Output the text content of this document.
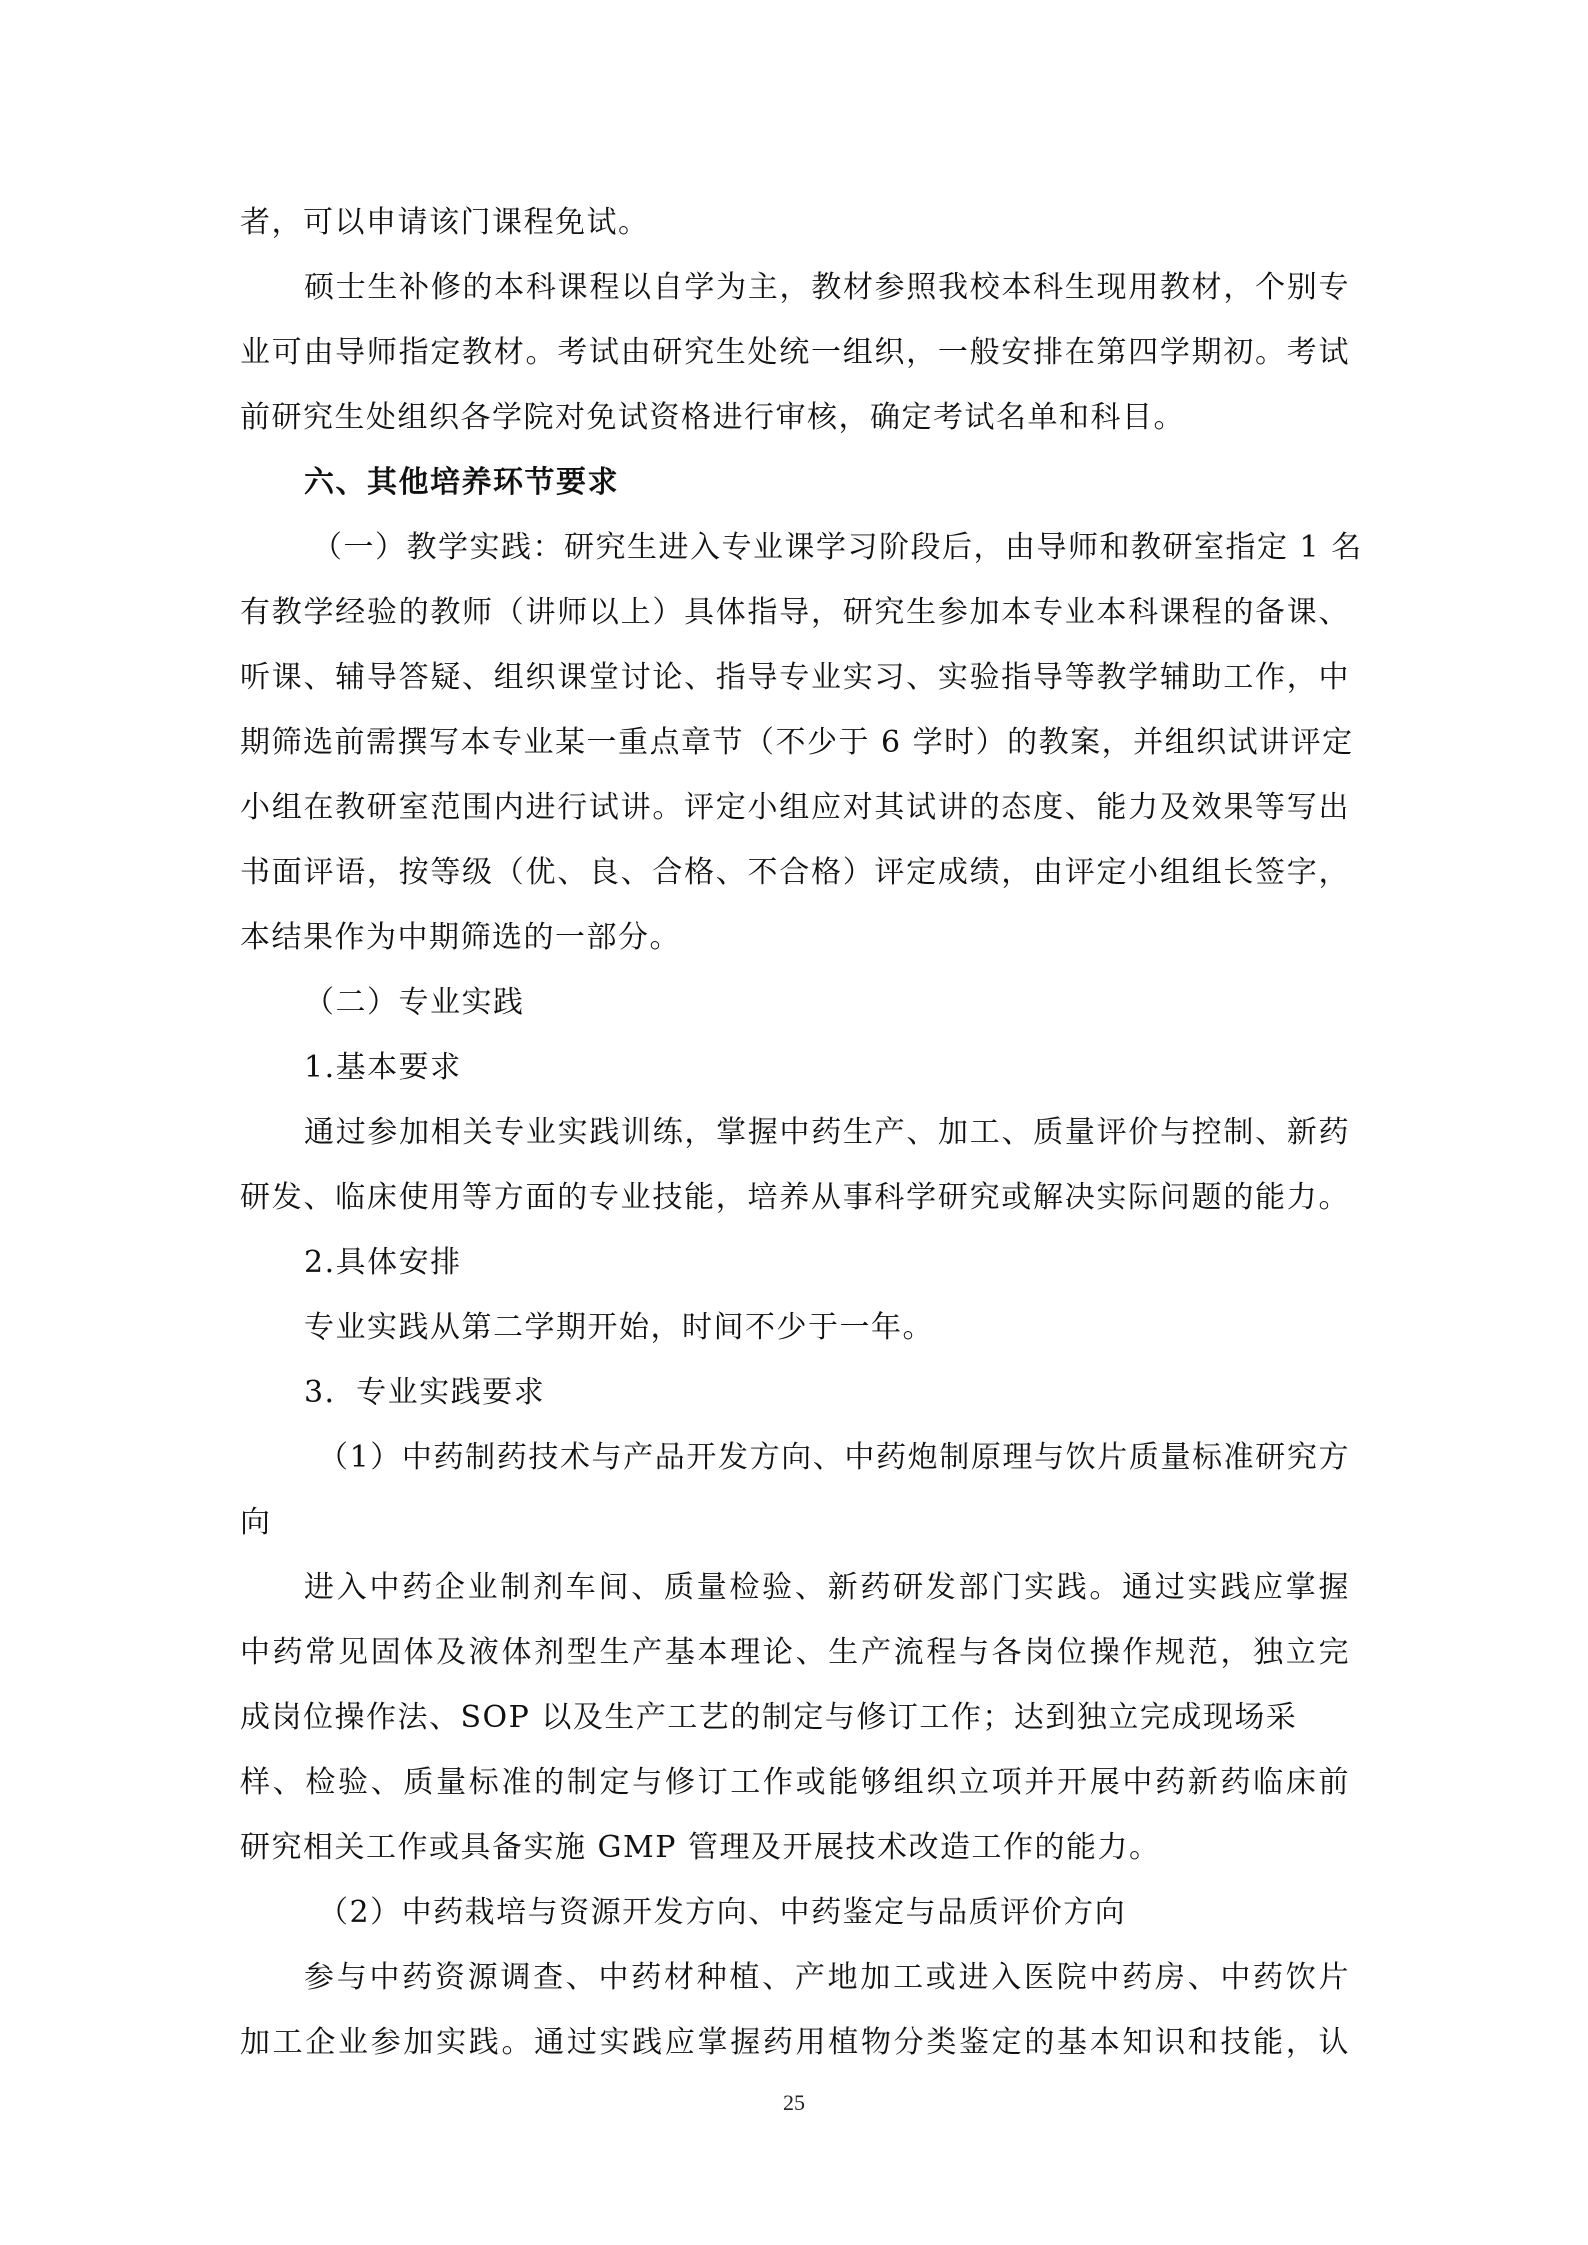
者，可以申请该门课程免试。
硕士生补修的本科课程以自学为主，教材参照我校本科生现用教材，个别专
业可由导师指定教材。考试由研究生处统一组织，一般安排在第四学期初。考试
前研究生处组织各学院对免试资格进行审核，确定考试名单和科目。
六、其他培养环节要求
（一）教学实践：研究生进入专业课学习阶段后，由导师和教研室指定 1 名
有教学经验的教师（讲师以上）具体指导，研究生参加本专业本科课程的备课、
听课、辅导答疑、组织课堂讨论、指导专业实习、实验指导等教学辅助工作，中
期筛选前需撰写本专业某一重点章节（不少于 6 学时）的教案，并组织试讲评定
小组在教研室范围内进行试讲。评定小组应对其试讲的态度、能力及效果等写出
书面评语，按等级（优、良、合格、不合格）评定成绩，由评定小组组长签字，
本结果作为中期筛选的一部分。
（二）专业实践
1.基本要求
通过参加相关专业实践训练，掌握中药生产、加工、质量评价与控制、新药
研发、临床使用等方面的专业技能，培养从事科学研究或解决实际问题的能力。
2.具体安排
专业实践从第二学期开始，时间不少于一年。
3．专业实践要求
（1）中药制药技术与产品开发方向、中药炮制原理与饮片质量标准研究方
向
进入中药企业制剂车间、质量检验、新药研发部门实践。通过实践应掌握
中药常见固体及液体剂型生产基本理论、生产流程与各岗位操作规范，独立完
成岗位操作法、SOP 以及生产工艺的制定与修订工作；达到独立完成现场采
样、检验、质量标准的制定与修订工作或能够组织立项并开展中药新药临床前
研究相关工作或具备实施 GMP 管理及开展技术改造工作的能力。
（2）中药栽培与资源开发方向、中药鉴定与品质评价方向
参与中药资源调查、中药材种植、产地加工或进入医院中药房、中药饮片
加工企业参加实践。通过实践应掌握药用植物分类鉴定的基本知识和技能，认
25
